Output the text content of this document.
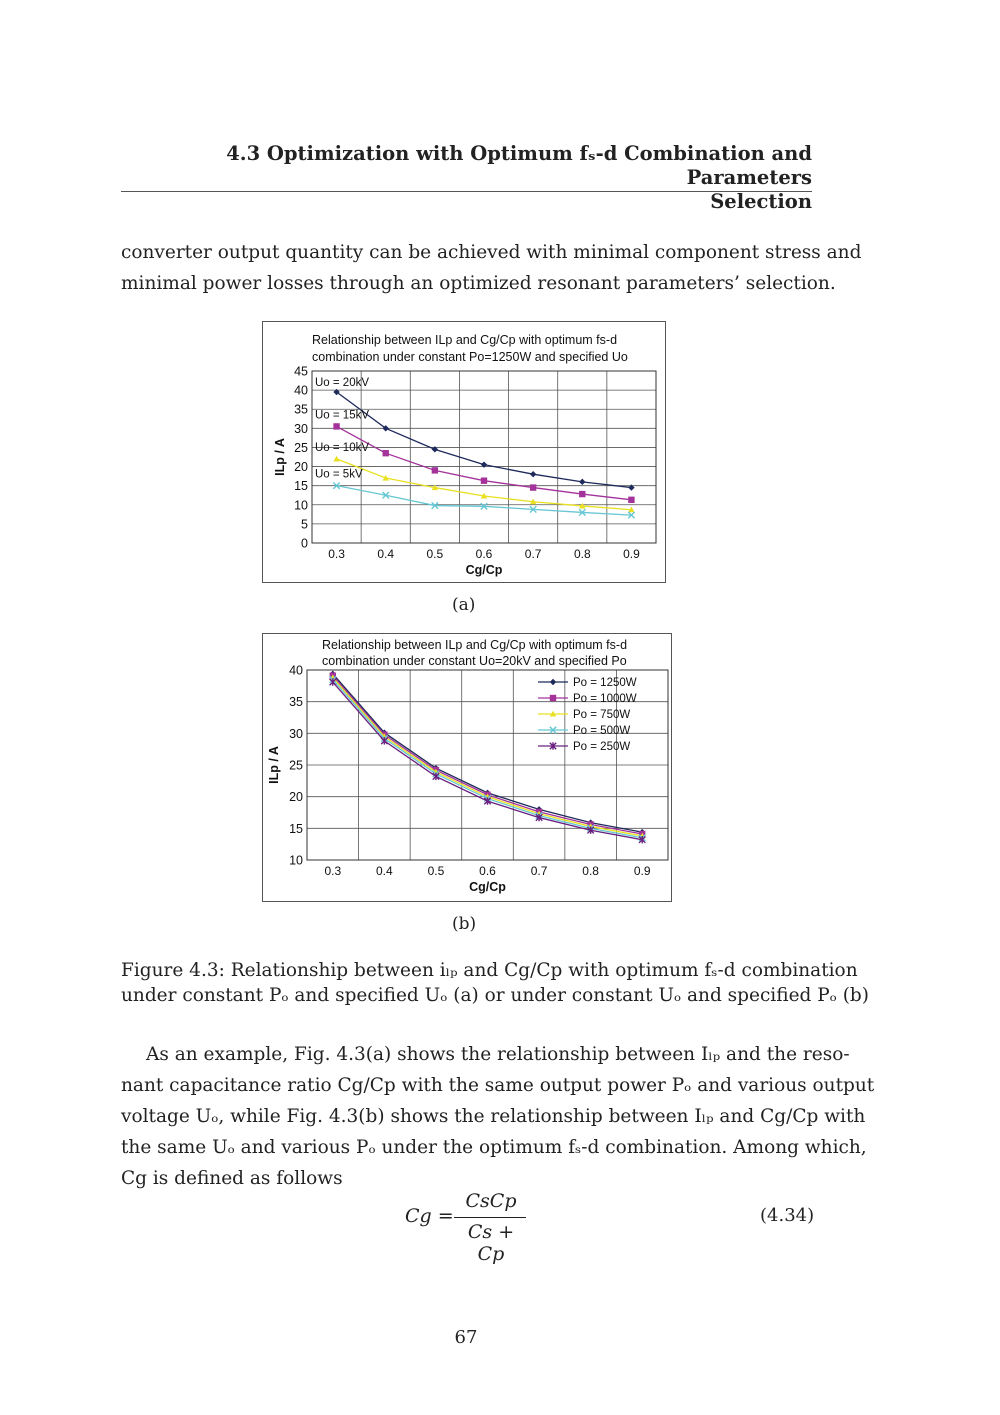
4.3 Optimization with Optimum fₛ-d Combination and Parameters
Selection
converter output quantity can be achieved with minimal component stress and
minimal power losses through an optimized resonant parameters’ selection.
Relationship between ILp and Cg/Cp with optimum fs-d
combination under constant Po=1250W and specified Uo
0
5
10
15
20
25
30
35
40
45
0.3	0.4	0.5	0.6	0.7	0.8	0.9
Cg/Cp
ILp / A
Uo = 20kV
Uo = 15kV
Uo = 10kV
Uo = 5kV
(a)
Relationship between ILp and Cg/Cp with optimum fs-d
combination under constant Uo=20kV and specified Po
10
15
20
25
30
35
40
0.3	0.4	0.5	0.6	0.7	0.8	0.9
Cg/Cp
ILp / A
Po = 1250W
Po = 1000W
Po = 750W
Po = 500W
Po = 250W
(b)
Figure 4.3: Relationship between iₗₚ and Cg/Cp with optimum fₛ-d combination
under constant Pₒ and specified Uₒ (a) or under constant Uₒ and specified Pₒ (b)
As an example, Fig. 4.3(a) shows the relationship between Iₗₚ and the reso-
nant capacitance ratio Cg/Cp with the same output power Pₒ and various output
voltage Uₒ, while Fig. 4.3(b) shows the relationship between Iₗₚ and Cg/Cp with
the same Uₒ and various Pₒ under the optimum fₛ-d combination. Among which,
Cg is defined as follows
Cg =
CsCp
Cs + Cp
(4.34)
67
